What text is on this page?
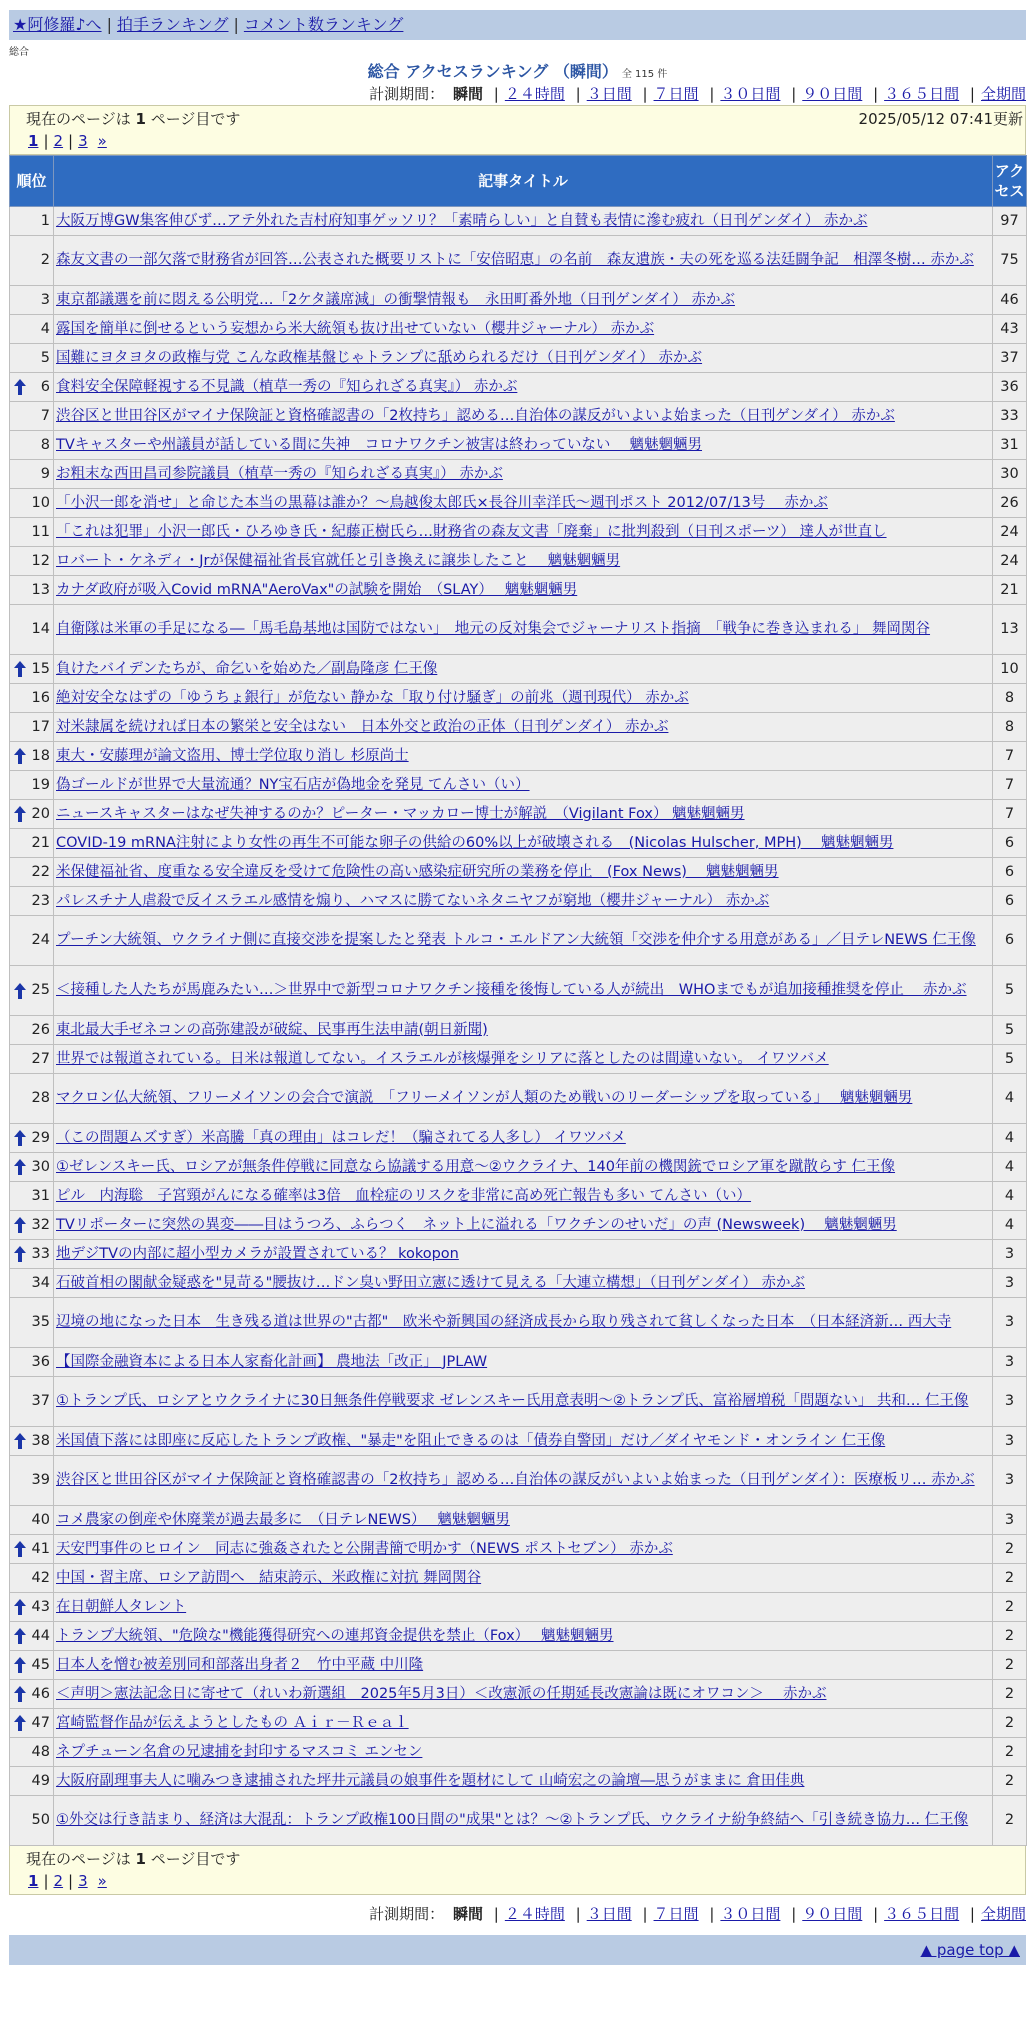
★阿修羅♪へ | 拍手ランキング | コメント数ランキング
総合
総合 アクセスランキング （瞬間） 全 115 件
計測期間： 瞬間 | ２４時間 | ３日間 | ７日間 | ３０日間 | ９０日間 | ３６５日間 | 全期間
現在のページは 1 ページ目です	2025/05/12 07:41更新
1 | 2 | 3 »
順位	記事タイトル	アクセス
1	大阪万博GW集客伸びず…アテ外れた吉村府知事ゲッソリ？「素晴らしい」と自賛も表情に滲む疲れ（日刊ゲンダイ） 赤かぶ	97
2	森友文書の一部欠落で財務省が回答…公表された概要リストに「安倍昭恵」の名前　森友遺族・夫の死を巡る法廷闘争記　相澤冬樹… 赤かぶ	75
3	東京都議選を前に悶える公明党…「2ケタ議席減」の衝撃情報も　永田町番外地（日刊ゲンダイ） 赤かぶ	46
4	露国を簡単に倒せるという妄想から米大統領も抜け出せていない（櫻井ジャーナル） 赤かぶ	43
5	国難にヨタヨタの政権与党 こんな政権基盤じゃトランプに舐められるだけ（日刊ゲンダイ） 赤かぶ	37

6	食料安全保障軽視する不見識（植草一秀の『知られざる真実』） 赤かぶ	36
7	渋谷区と世田谷区がマイナ保険証と資格確認書の「2枚持ち」認める…自治体の謀反がいよいよ始まった（日刊ゲンダイ） 赤かぶ	33
8	TVキャスターや州議員が話している間に失神　コロナワクチン被害は終わっていない　 魑魅魍魎男	31
9	お粗末な西田昌司参院議員（植草一秀の『知られざる真実』） 赤かぶ	30
10	「小沢一郎を消せ」と命じた本当の黒幕は誰か？～鳥越俊太郎氏×長谷川幸洋氏～週刊ポスト 2012/07/13号　 赤かぶ	26
11	「これは犯罪」小沢一郎氏・ひろゆき氏・紀藤正樹氏ら…財務省の森友文書「廃棄」に批判殺到（日刊スポーツ） 達人が世直し	24
12	ロバート・ケネディ・Jrが保健福祉省長官就任と引き換えに譲歩したこと　 魑魅魍魎男	24
13	カナダ政府が吸入Covid mRNA"AeroVax"の試験を開始　（SLAY）　 魑魅魍魎男	21
14	自衛隊は米軍の手足になる―「馬毛島基地は国防ではない」　地元の反対集会でジャーナリスト指摘　「戦争に巻き込まれる」 舞岡関谷	13

15	負けたバイデンたちが、命乞いを始めた／副島隆彦 仁王像	10
16	絶対安全なはずの「ゆうちょ銀行」が危ない 静かな「取り付け騒ぎ」の前兆（週刊現代） 赤かぶ	8
17	対米隷属を続ければ日本の繁栄と安全はない　日本外交と政治の正体（日刊ゲンダイ） 赤かぶ	8

18	東大・安藤理が論文盗用、博士学位取り消し 杉原尚士	7
19	偽ゴールドが世界で大量流通？NY宝石店が偽地金を発見 てんさい（い）	7

20	ニュースキャスターはなぜ失神するのか？ピーター・マッカロー博士が解説　（Vigilant Fox） 魑魅魍魎男	7
21	COVID-19 mRNA注射により女性の再生不可能な卵子の供給の60%以上が破壊される　(Nicolas Hulscher, MPH)　 魑魅魍魎男	6
22	米保健福祉省、度重なる安全違反を受けて危険性の高い感染症研究所の業務を停止　(Fox News)　 魑魅魍魎男	6
23	パレスチナ人虐殺で反イスラエル感情を煽り、ハマスに勝てないネタニヤフが窮地（櫻井ジャーナル） 赤かぶ	6
24	プーチン大統領、ウクライナ側に直接交渉を提案したと発表 トルコ・エルドアン大統領「交渉を仲介する用意がある」／日テレNEWS 仁王像	6

25	＜接種した人たちが馬鹿みたい…＞世界中で新型コロナワクチン接種を後悔している人が続出　WHOまでもが追加接種推奨を停止　 赤かぶ	5
26	東北最大手ゼネコンの高弥建設が破綻、民事再生法申請(朝日新聞)	5
27	世界では報道されている。日米は報道してない。イスラエルが核爆弾をシリアに落としたのは間違いない。 イワツバメ	5
28	マクロン仏大統領、フリーメイソンの会合で演説　「フリーメイソンが人類のため戦いのリーダーシップを取っている」　 魑魅魍魎男	4

29	（この問題ムズすぎ）米高騰「真の理由」はコレだ！（騙されてる人多し） イワツバメ	4

30	①ゼレンスキー氏、ロシアが無条件停戦に同意なら協議する用意～②ウクライナ、140年前の機関銃でロシア軍を蹴散らす 仁王像	4
31	ピル　内海聡　子宮頸がんになる確率は3倍　血栓症のリスクを非常に高め死亡報告も多い てんさい（い）	4

32	TVリポーターに突然の異変――目はうつろ、ふらつく　ネット上に溢れる「ワクチンのせいだ」の声 (Newsweek)　 魑魅魍魎男	4

33	地デジTVの内部に超小型カメラが設置されている？ kokopon	3
34	石破首相の閣献金疑惑を"見苛る"腰抜け…ドン臭い野田立憲に透けて見える「大連立構想」（日刊ゲンダイ） 赤かぶ	3
35	辺境の地になった日本　生き残る道は世界の"古都"　欧米や新興国の経済成長から取り残されて貧しくなった日本　（日本経済新… 西大寺	3
36	【国際金融資本による日本人家畜化計画】 農地法「改正」 JPLAW	3
37	①トランプ氏、ロシアとウクライナに30日無条件停戦要求 ゼレンスキー氏用意表明～②トランプ氏、富裕層増税「問題ない」 共和… 仁王像	3

38	米国債下落には即座に反応したトランプ政権、"暴走"を阻止できるのは「債券自警団」だけ／ダイヤモンド・オンライン 仁王像	3
39	渋谷区と世田谷区がマイナ保険証と資格確認書の「2枚持ち」認める…自治体の謀反がいよいよ始まった（日刊ゲンダイ）：医療板リ… 赤かぶ	3
40	コメ農家の倒産や休廃業が過去最多に　（日テレNEWS）　 魑魅魍魎男	3

41	天安門事件のヒロイン　同志に強姦されたと公開書簡で明かす（NEWS ポストセブン） 赤かぶ	2
42	中国・習主席、ロシア訪問へ　結束誇示、米政権に対抗 舞岡関谷	2

43	在日朝鮮人タレント	2

44	トランプ大統領、"危険な"機能獲得研究への連邦資金提供を禁止（Fox）　 魑魅魍魎男	2

45	日本人を憎む被差別同和部落出身者２＿竹中平蔵 中川隆	2

46	＜声明＞憲法記念日に寄せて（れいわ新選組　2025年5月3日）＜改憲派の任期延長改憲論は既にオワコン＞　 赤かぶ	2

47	宮崎監督作品が伝えようとしたもの Ａｉｒ－Ｒｅａｌ	2
48	ネプチューン名倉の兄逮捕を封印するマスコミ エンセン	2
49	大阪府副理事夫人に噛みつき逮捕された坪井元議員の娘事件を題材にして 山崎宏之の論壇―思うがままに 倉田佳典	2
50	①外交は行き詰まり、経済は大混乱：トランプ政権100日間の"成果"とは？～②トランプ氏、ウクライナ紛争終結へ「引き続き協力… 仁王像	2
現在のページは 1 ページ目です
1 | 2 | 3 »
計測期間： 瞬間 | ２４時間 | ３日間 | ７日間 | ３０日間 | ９０日間 | ３６５日間 | 全期間
▲ page top ▲
